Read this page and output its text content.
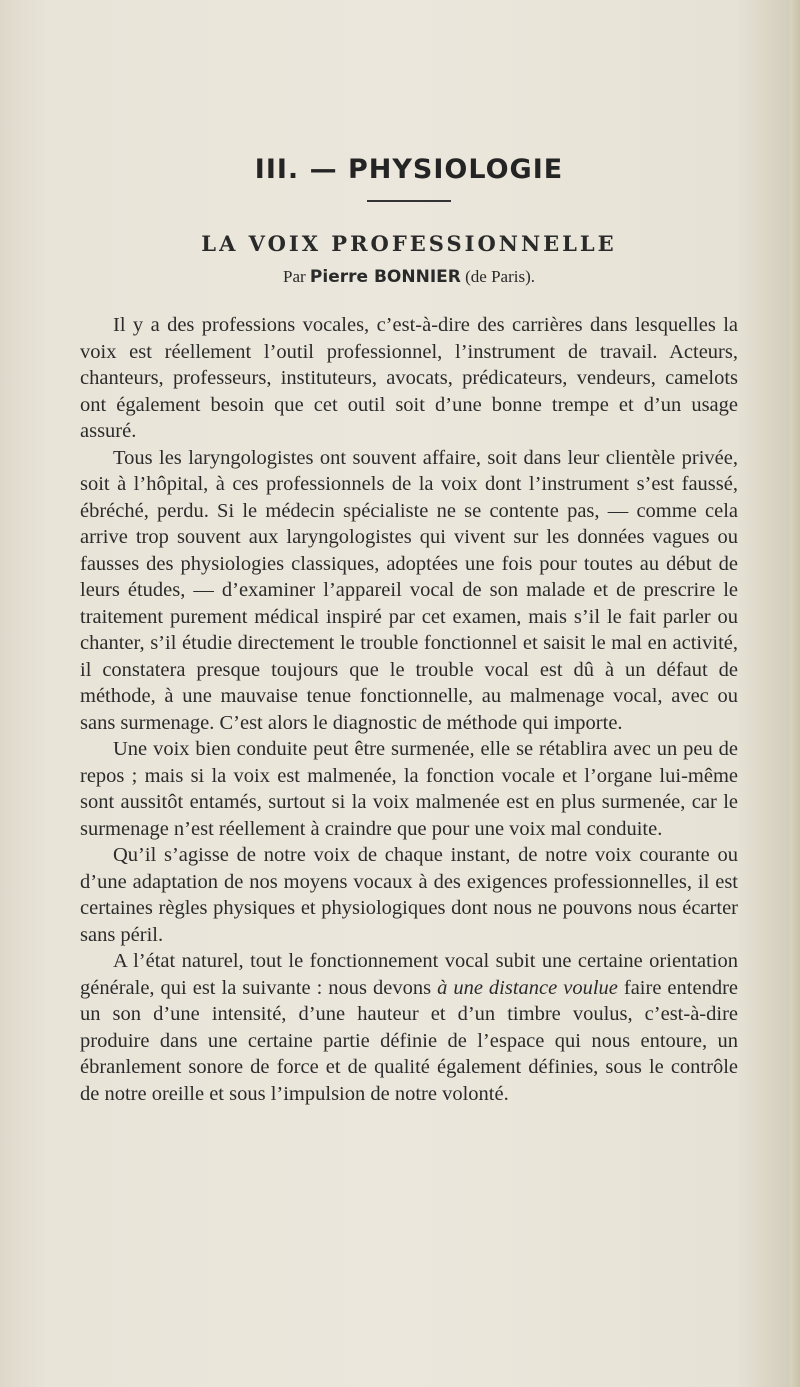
III. — PHYSIOLOGIE
LA VOIX PROFESSIONNELLE
Par Pierre BONNIER (de Paris).

Il y a des professions vocales, c’est-à-dire des carrières dans lesquelles la voix est réellement l’outil professionnel, l’instrument de travail. Acteurs, chanteurs, professeurs, instituteurs, avocats, prédicateurs, vendeurs, camelots ont également besoin que cet outil soit d’une bonne trempe et d’un usage assuré.

Tous les laryngologistes ont souvent affaire, soit dans leur clientèle privée, soit à l’hôpital, à ces professionnels de la voix dont l’instrument s’est faussé, ébréché, perdu. Si le médecin spécialiste ne se contente pas, — comme cela arrive trop souvent aux laryngologistes qui vivent sur les données vagues ou fausses des physiologies classiques, adoptées une fois pour toutes au début de leurs études, — d’examiner l’appareil vocal de son malade et de prescrire le traitement purement médical inspiré par cet examen, mais s’il le fait parler ou chanter, s’il étudie directement le trouble fonctionnel et saisit le mal en activité, il constatera presque toujours que le trouble vocal est dû à un défaut de méthode, à une mauvaise tenue fonctionnelle, au malmenage vocal, avec ou sans surmenage. C’est alors le diagnostic de méthode qui importe.

Une voix bien conduite peut être surmenée, elle se rétablira avec un peu de repos ; mais si la voix est malmenée, la fonction vocale et l’organe lui-même sont aussitôt entamés, surtout si la voix malmenée est en plus surmenée, car le surmenage n’est réellement à craindre que pour une voix mal conduite.

Qu’il s’agisse de notre voix de chaque instant, de notre voix courante ou d’une adaptation de nos moyens vocaux à des exigences professionnelles, il est certaines règles physiques et physiologiques dont nous ne pouvons nous écarter sans péril.

A l’état naturel, tout le fonctionnement vocal subit une certaine orientation générale, qui est la suivante : nous devons à une distance voulue faire entendre un son d’une intensité, d’une hauteur et d’un timbre voulus, c’est-à-dire produire dans une certaine partie définie de l’espace qui nous entoure, un ébranlement sonore de force et de qualité également définies, sous le contrôle de notre oreille et sous l’impulsion de notre volonté.
